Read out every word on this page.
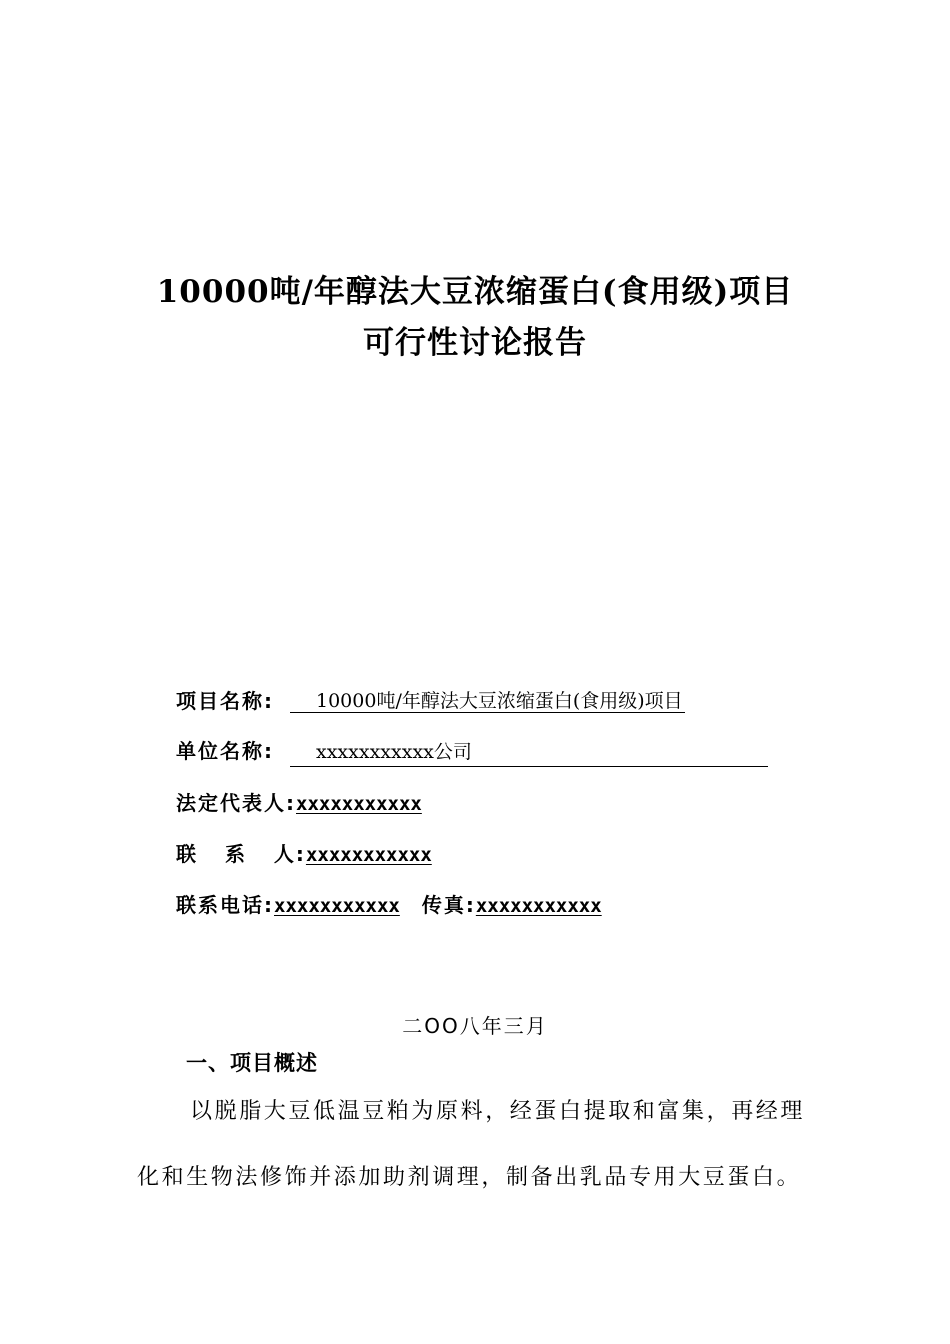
10000吨/年醇法大豆浓缩蛋白(食用级)项目
可行性讨论报告
项目名称: 10000吨/年醇法大豆浓缩蛋白(食用级)项目
单位名称: xxxxxxxxxxx公司
法定代表人:xxxxxxxxxxx
联 系 人:xxxxxxxxxxx
联系电话:xxxxxxxxxxx 传真:xxxxxxxxxxx
二OO八年三月
一、项目概述
以脱脂大豆低温豆粕为原料，经蛋白提取和富集，再经理
化和生物法修饰并添加助剂调理，制备出乳品专用大豆蛋白。
